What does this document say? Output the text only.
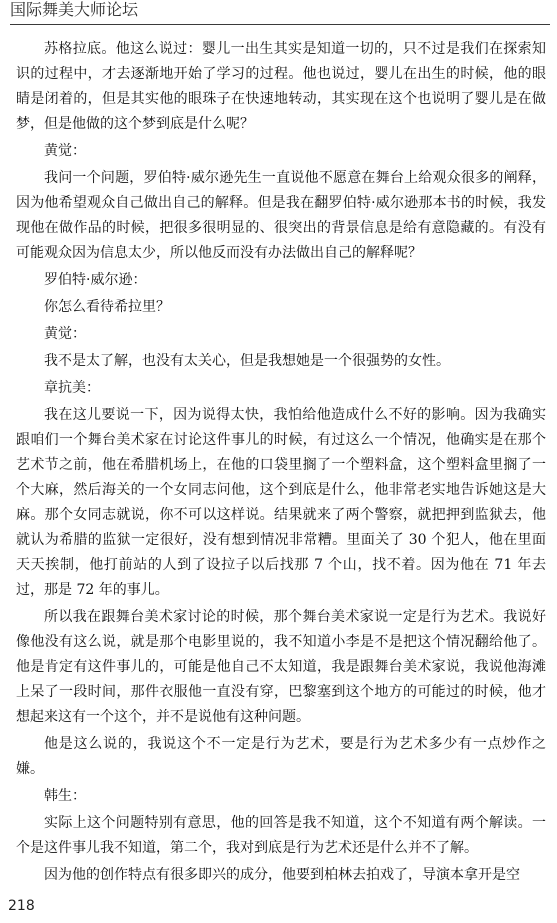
国际舞美大师论坛

苏格拉底。他这么说过：婴儿一出生其实是知道一切的，只不过是我们在探索知识的过程中，才去逐渐地开始了学习的过程。他也说过，婴儿在出生的时候，他的眼睛是闭着的，但是其实他的眼珠子在快速地转动，其实现在这个也说明了婴儿是在做梦，但是他做的这个梦到底是什么呢？

黄觉：

我问一个问题，罗伯特·威尔逊先生一直说他不愿意在舞台上给观众很多的阐释，因为他希望观众自己做出自己的解释。但是我在翻罗伯特·威尔逊那本书的时候，我发现他在做作品的时候，把很多很明显的、很突出的背景信息是给有意隐藏的。有没有可能观众因为信息太少，所以他反而没有办法做出自己的解释呢？

罗伯特·威尔逊：

你怎么看待希拉里？

黄觉：

我不是太了解，也没有太关心，但是我想她是一个很强势的女性。

章抗美：

我在这儿要说一下，因为说得太快，我怕给他造成什么不好的影响。因为我确实跟咱们一个舞台美术家在讨论这件事儿的时候，有过这么一个情况，他确实是在那个艺术节之前，他在希腊机场上，在他的口袋里搁了一个塑料盒，这个塑料盒里搁了一个大麻，然后海关的一个女同志问他，这个到底是什么，他非常老实地告诉她这是大麻。那个女同志就说，你不可以这样说。结果就来了两个警察，就把押到监狱去，他就认为希腊的监狱一定很好，没有想到情况非常糟。里面关了 30 个犯人，他在里面天天挨制，他打前站的人到了设拉子以后找那 7 个山，找不着。因为他在 71 年去过，那是 72 年的事儿。

所以我在跟舞台美术家讨论的时候，那个舞台美术家说一定是行为艺术。我说好像他没有这么说，就是那个电影里说的，我不知道小李是不是把这个情况翻给他了。他是肯定有这件事儿的，可能是他自己不太知道，我是跟舞台美术家说，我说他海滩上呆了一段时间，那件衣服他一直没有穿，巴黎塞到这个地方的可能过的时候，他才想起来这有一个这个，并不是说他有这种问题。

他是这么说的，我说这个不一定是行为艺术，要是行为艺术多少有一点炒作之嫌。

韩生：

实际上这个问题特别有意思，他的回答是我不知道，这个不知道有两个解读。一个是这件事儿我不知道，第二个，我对到底是行为艺术还是什么并不了解。

因为他的创作特点有很多即兴的成分，他要到柏林去拍戏了，导演本拿开是空

218
